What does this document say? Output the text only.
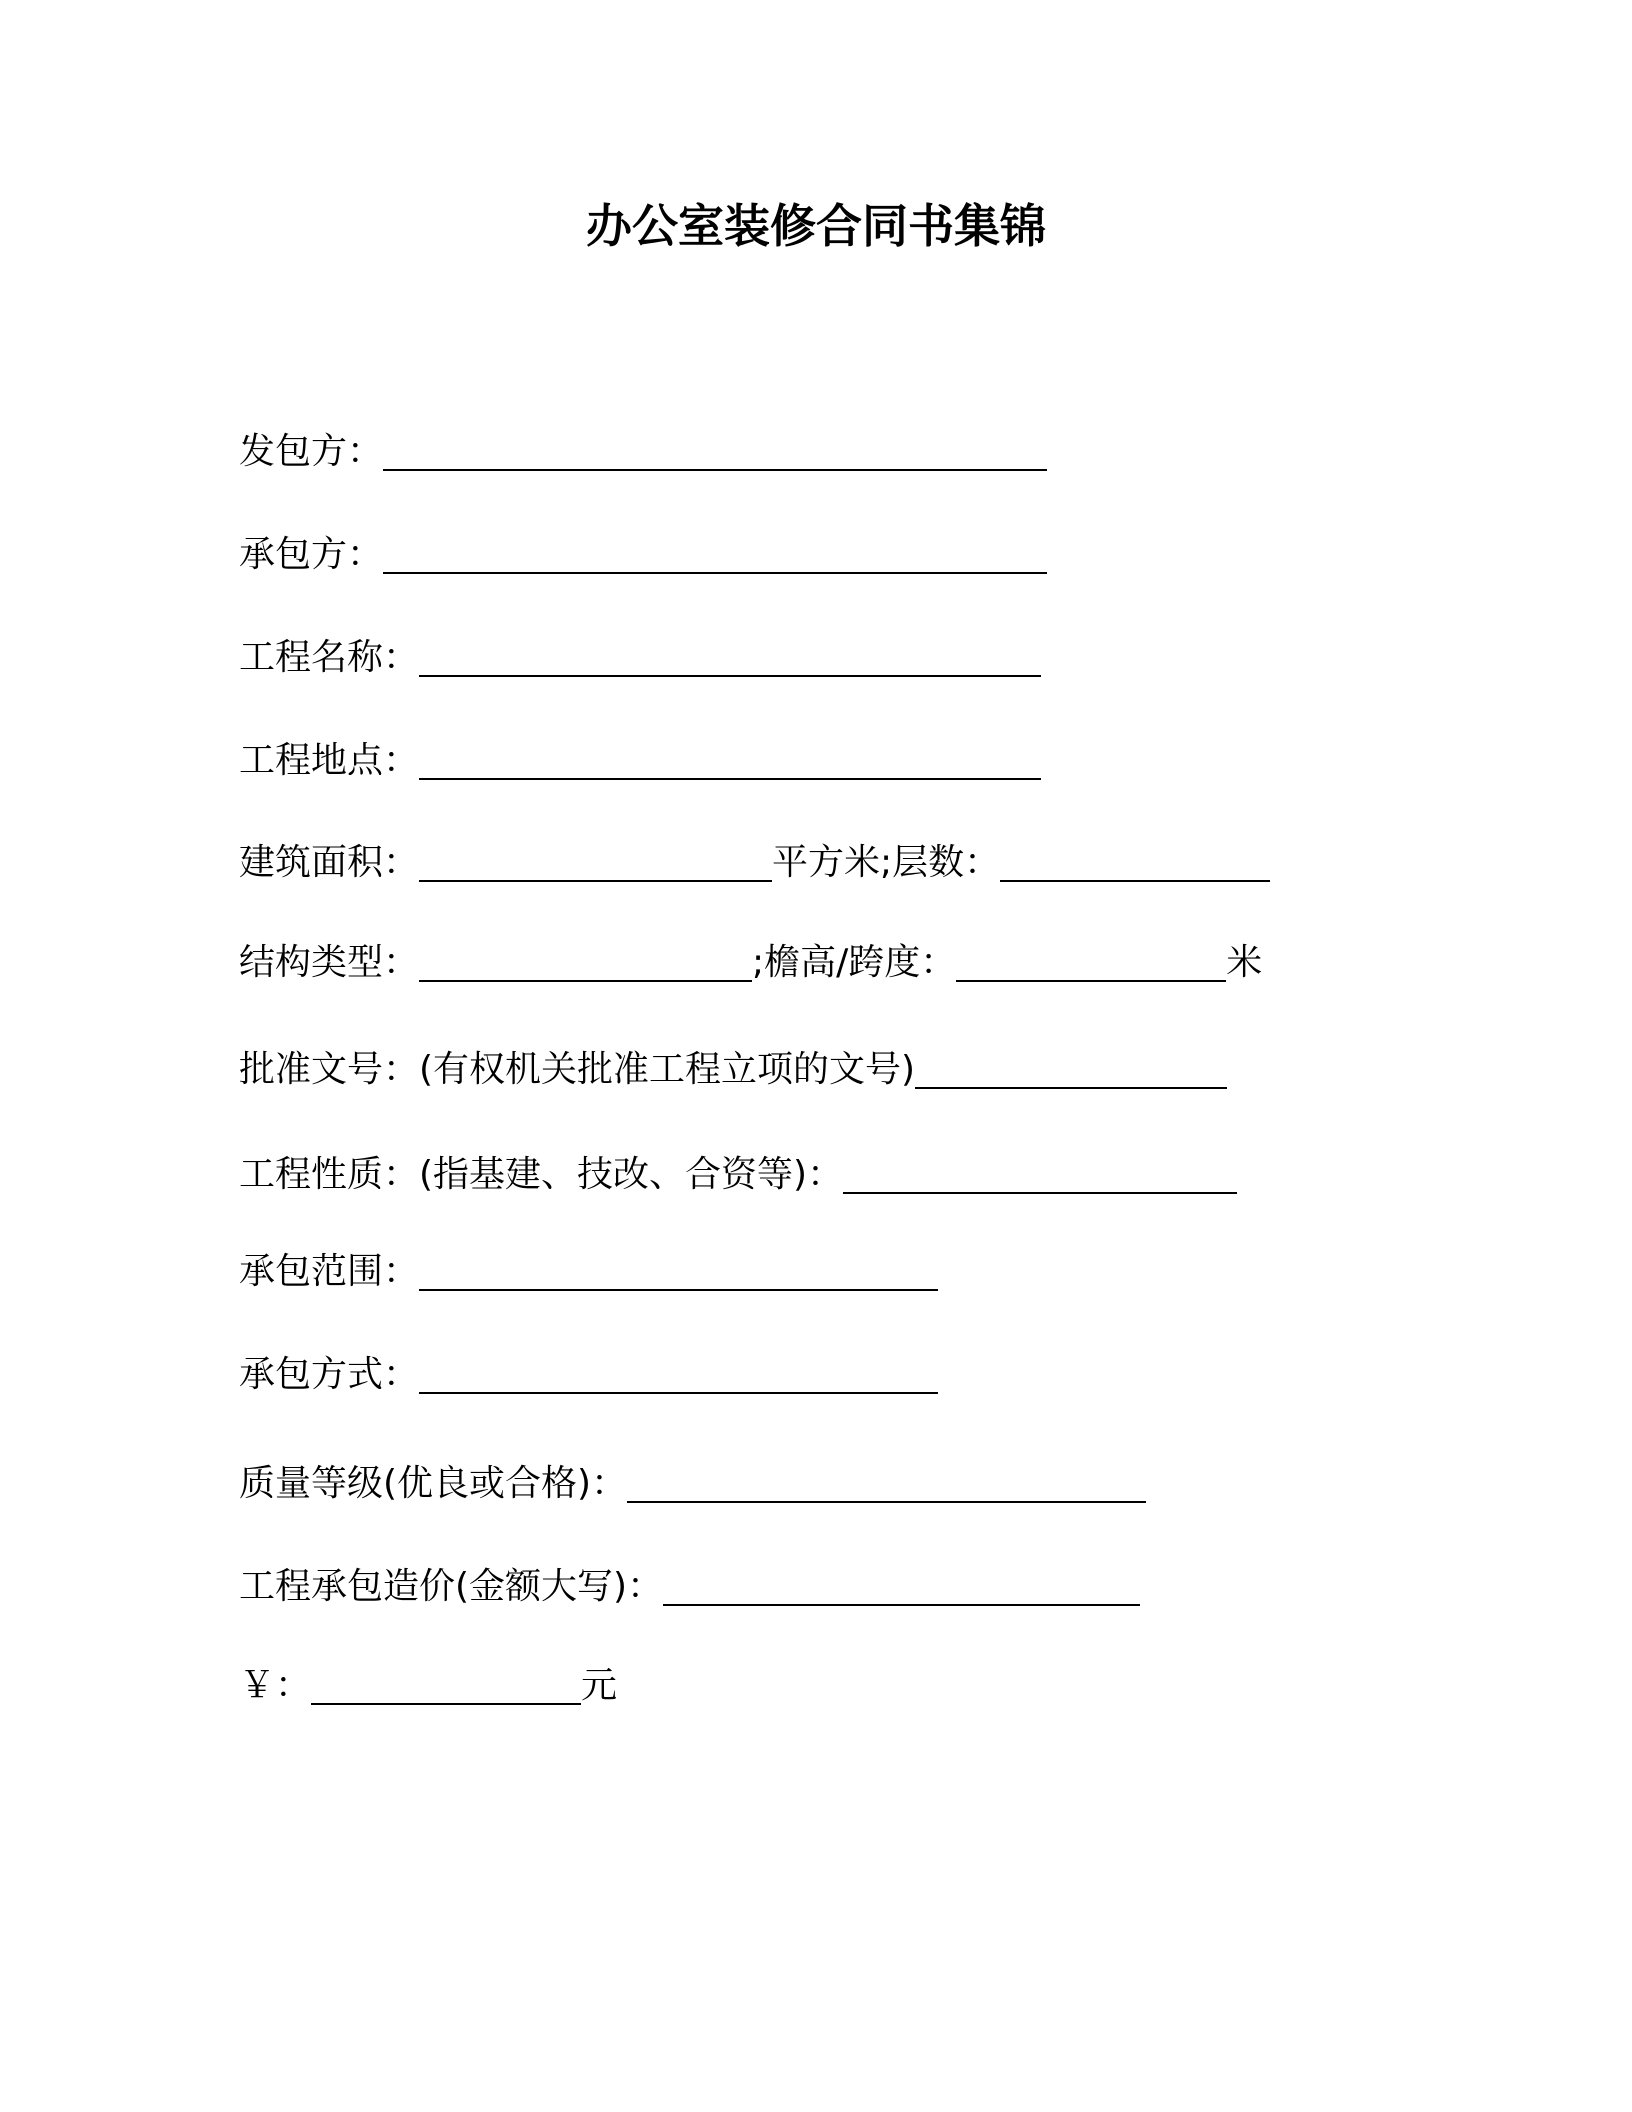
办公室装修合同书集锦
发包方：
承包方：
工程名称：
工程地点：
建筑面积：	平方米;层数：
结构类型：	;檐高/跨度：	米
批准文号：(有权机关批准工程立项的文号)
工程性质：(指基建、技改、合资等)：
承包范围：
承包方式：
质量等级(优良或合格)：
工程承包造价(金额大写)：
￥：	元
